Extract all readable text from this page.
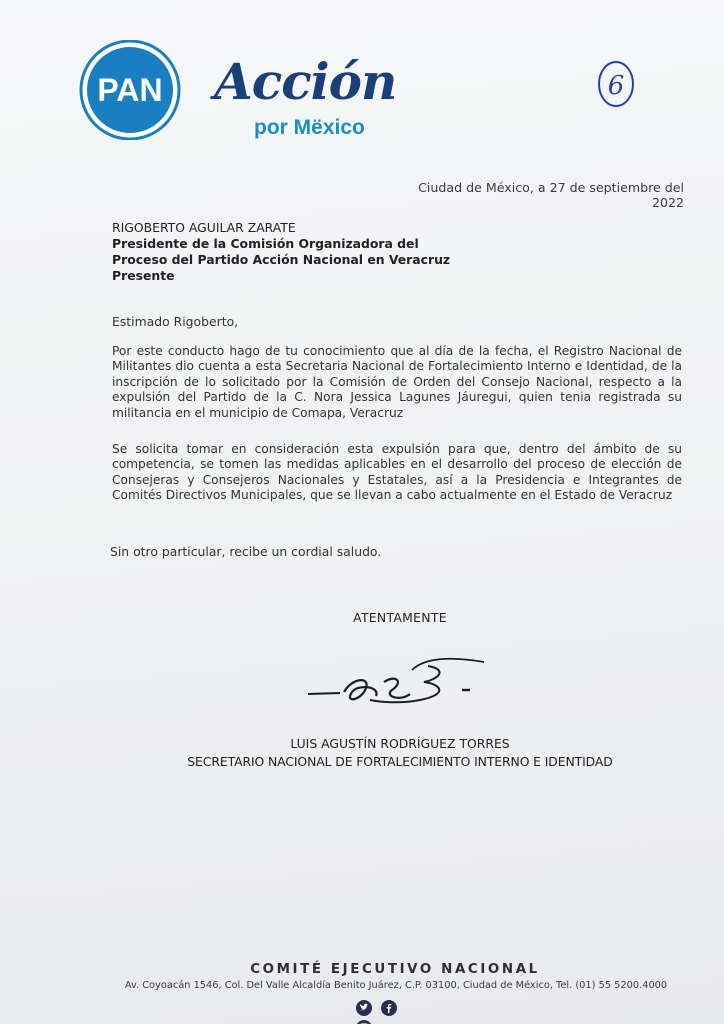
PAN Acción
por Mëxico
6
Ciudad de México, a 27 de septiembre del 2022
RIGOBERTO AGUILAR ZARATE
Presidente de la Comisión Organizadora del
Proceso del Partido Acción Nacional en Veracruz
Presente
Estimado Rigoberto,
Por este conducto hago de tu conocimiento que al día de la fecha, el Registro Nacional de Militantes dio cuenta a esta Secretaria Nacional de Fortalecimiento Interno e Identidad, de la inscripción de lo solicitado por la Comisión de Orden del Consejo Nacional, respecto a la expulsión del Partido de la C. Nora Jessica Lagunes Jáuregui, quien tenia registrada su militancia en el municipio de Comapa, Veracruz
Se solicita tomar en consideración esta expulsión para que, dentro del ámbito de su competencia, se tomen las medidas aplicables en el desarrollo del proceso de elección de Consejeras y Consejeros Nacionales y Estatales, así a la Presidencia e Integrantes de Comités Directivos Municipales, que se llevan a cabo actualmente en el Estado de Veracruz
Sin otro particular, recibe un cordial saludo.
ATENTAMENTE
LUIS AGUSTÍN RODRÍGUEZ TORRES
SECRETARIO NACIONAL DE FORTALECIMIENTO INTERNO E IDENTIDAD
COMITÉ EJECUTIVO NACIONAL
Av. Coyoacán 1546, Col. Del Valle Alcaldía Benito Juárez, C.P. 03100, Ciudad de México, Tel. (01) 55 5200.4000
